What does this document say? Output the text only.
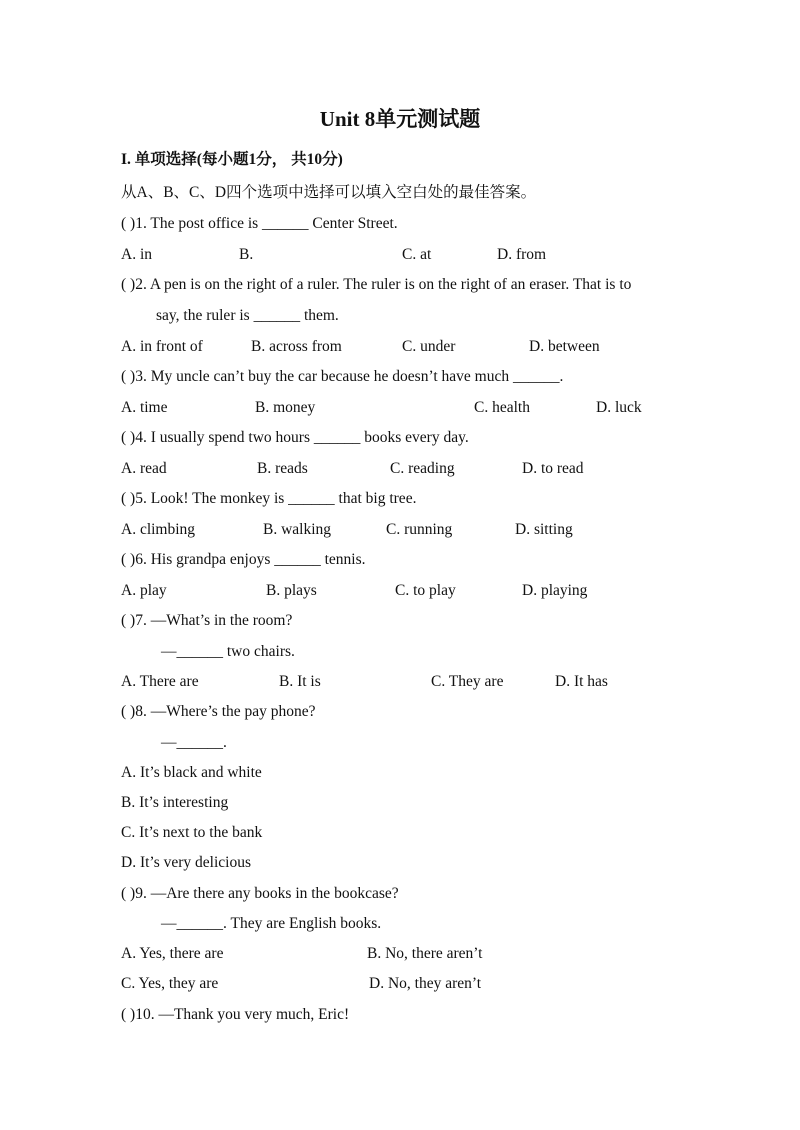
Unit 8单元测试题
I. 单项选择(每小题1分， 共10分)
从A、B、C、D四个选项中选择可以填入空白处的最佳答案。
( )1. The post office is ______ Center Street.
A. in	B.	C. at	D. from
( )2. A pen is on the right of a ruler. The ruler is on the right of an eraser. That is to
say, the ruler is ______ them.
A. in front of	B. across from	C. under	D. between
( )3. My uncle can’t buy the car because he doesn’t have much ______.
A. time	B. money	C. health	D. luck
( )4. I usually spend two hours ______ books every day.
A. read	B. reads	C. reading	D. to read
( )5. Look! The monkey is ______ that big tree.
A. climbing	B. walking	C. running	D. sitting
( )6. His grandpa enjoys ______ tennis.
A. play	B. plays	C. to play	D. playing
( )7. —What’s in the room?
—______ two chairs.
A. There are	B. It is	C. They are	D. It has
( )8. —Where’s the pay phone?
—______.
A. It’s black and white
B. It’s interesting
C. It’s next to the bank
D. It’s very delicious
( )9. —Are there any books in the bookcase?
—______. They are English books.
A. Yes, there are	B. No, there aren’t
C. Yes, they are	D. No, they aren’t
( )10. —Thank you very much, Eric!
